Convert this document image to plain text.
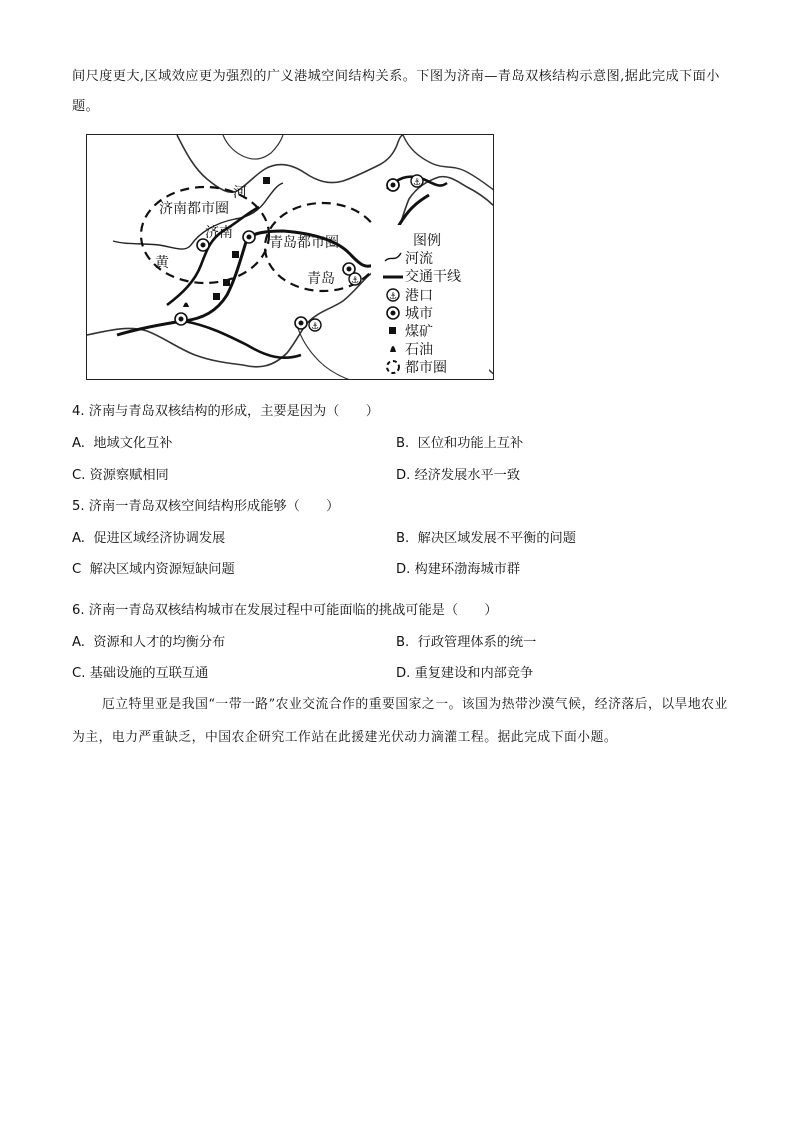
间尺度更大,区域效应更为强烈的广义港城空间结构关系。下图为济南—青岛双核结构示意图,据此完成下面小题。
⚓
⚓
⚓
济南都市圈
河
济南
黄
青岛都市圈
青岛
图例
河流
交通干线
⚓ 港口
城市
煤矿
石油
都市圈
4. 济南与青岛双核结构的形成，主要是因为（　　）
A. 地域文化互补	B. 区位和功能上互补
C. 资源察赋相同	D. 经济发展水平一致
5. 济南一青岛双核空间结构形成能够（　　）
A. 促进区域经济协调发展	B. 解决区域发展不平衡的问题
C 解决区域内资源短缺问题	D. 构建环渤海城市群
6. 济南一青岛双核结构城市在发展过程中可能面临的挑战可能是（　　）
A. 资源和人才的均衡分布	B. 行政管理体系的统一
C. 基础设施的互联互通	D. 重复建设和内部竞争
厄立特里亚是我国“一带一路”农业交流合作的重要国家之一。该国为热带沙漠气候，经济落后，以旱地农业为主，电力严重缺乏，中国农企研究工作站在此援建光伏动力滴灌工程。据此完成下面小题。
